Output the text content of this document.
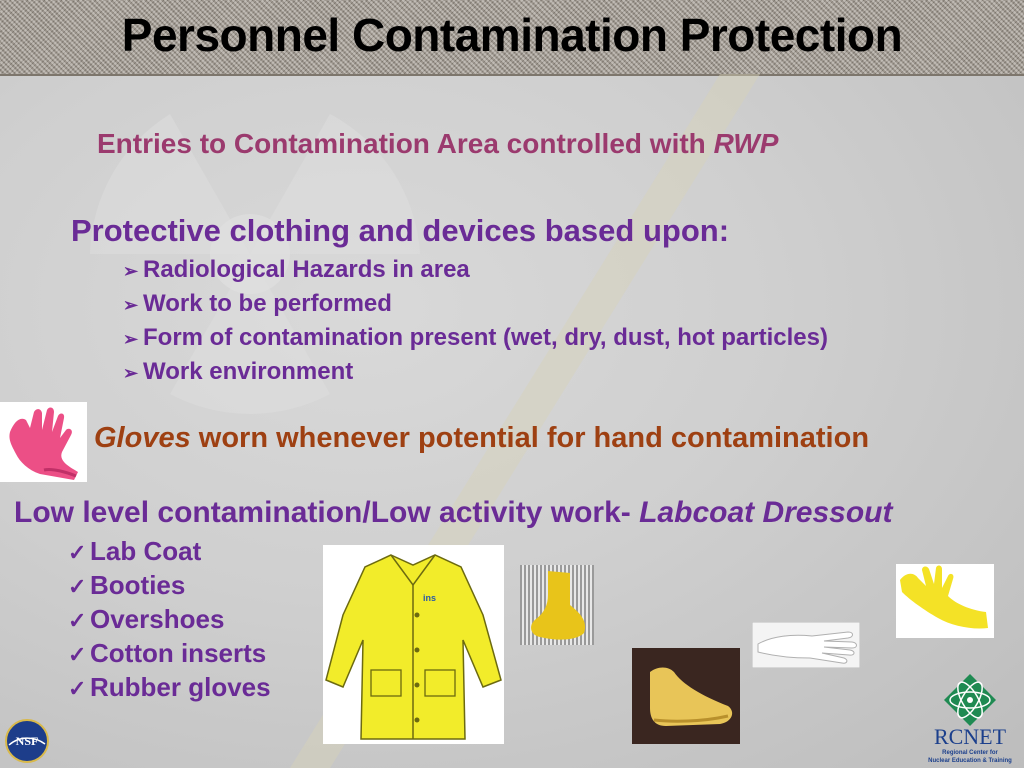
Personnel Contamination Protection
Entries to Contamination Area controlled with RWP
Protective clothing and devices based upon:
➢ Radiological Hazards in area
➢ Work to be performed
➢ Form of contamination present (wet, dry, dust, hot particles)
➢ Work environment
Gloves worn whenever potential for hand contamination
Low level contamination/Low activity work- Labcoat Dressout
✓ Lab Coat
✓ Booties
✓ Overshoes
✓ Cotton inserts
✓ Rubber gloves
ins
NSF	RCNET
Regional Center for
Nuclear Education & Training
